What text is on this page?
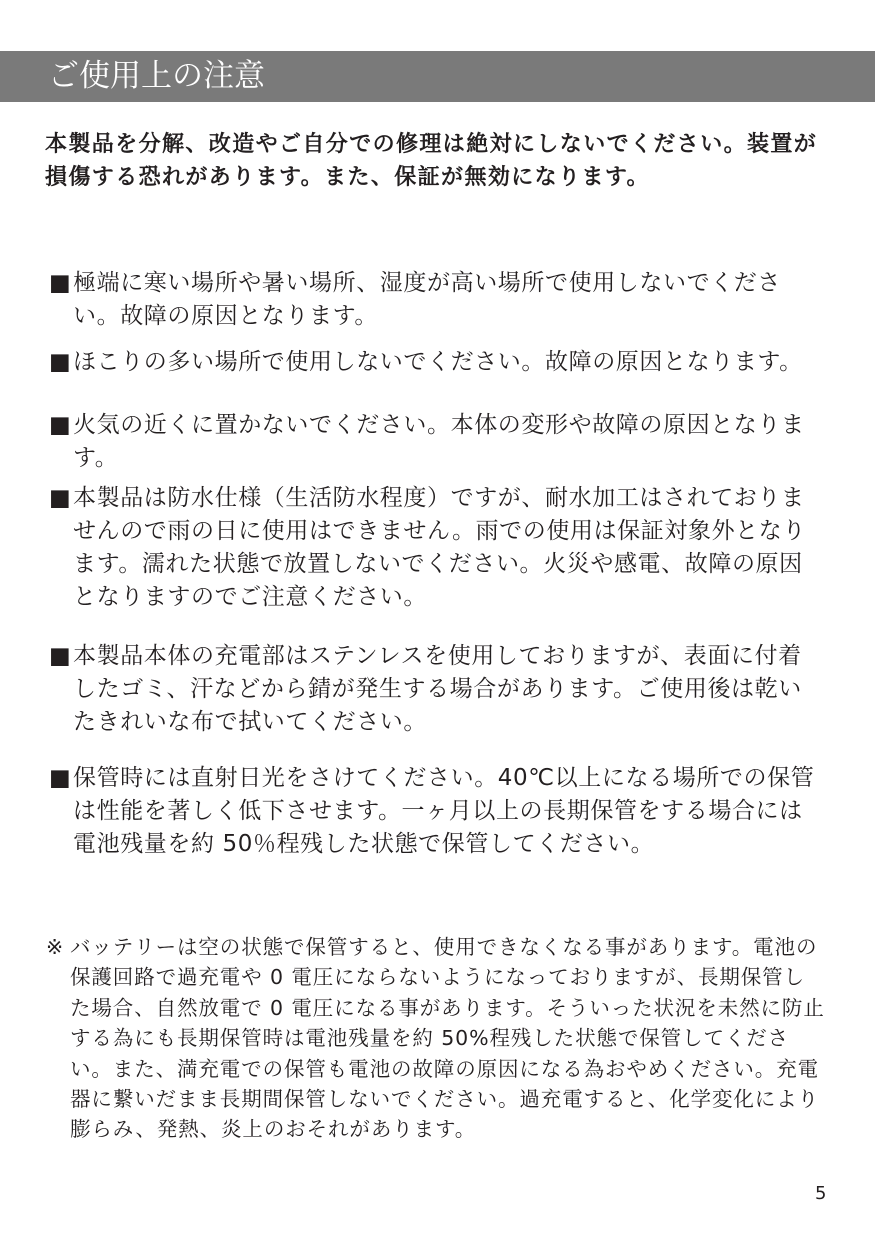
ご使用上の注意
本製品を分解、改造やご自分での修理は絶対にしないでください。装置が損傷する恐れがあります。また、保証が無効になります。
■極端に寒い場所や暑い場所、湿度が高い場所で使用しないでください。故障の原因となります。
■ほこりの多い場所で使用しないでください。故障の原因となります。
■火気の近くに置かないでください。本体の変形や故障の原因となります。
■本製品は防水仕様（生活防水程度）ですが、耐水加工はされておりませんので雨の日に使用はできません。雨での使用は保証対象外となります。濡れた状態で放置しないでください。火災や感電、故障の原因となりますのでご注意ください。
■本製品本体の充電部はステンレスを使用しておりますが、表面に付着したゴミ、汗などから錆が発生する場合があります。ご使用後は乾いたきれいな布で拭いてください。
■保管時には直射日光をさけてください。40℃以上になる場所での保管は性能を著しく低下させます。一ヶ月以上の長期保管をする場合には電池残量を約 50％程残した状態で保管してください。
※ バッテリーは空の状態で保管すると、使用できなくなる事があります。電池の保護回路で過充電や 0 電圧にならないようになっておりますが、長期保管した場合、自然放電で 0 電圧になる事があります。そういった状況を未然に防止する為にも長期保管時は電池残量を約 50%程残した状態で保管してください。また、満充電での保管も電池の故障の原因になる為おやめください。充電器に繋いだまま長期間保管しないでください。過充電すると、化学変化により膨らみ、発熱、炎上のおそれがあります。
5
